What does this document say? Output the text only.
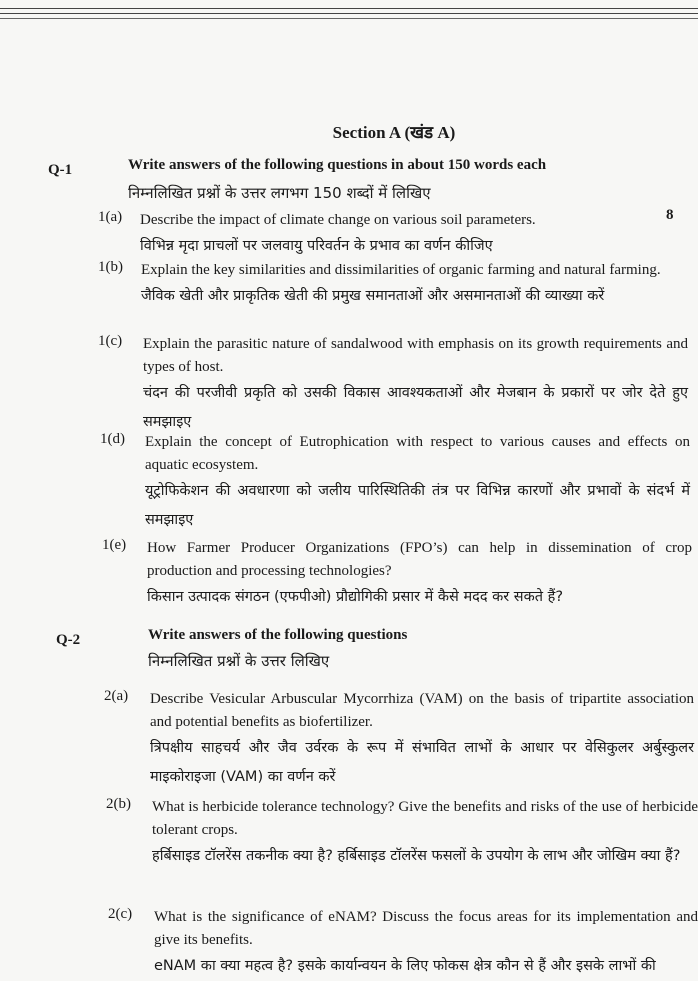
Section A (खंड A)
Q-1	Write answers of the following questions in about 150 words each
निम्नलिखित प्रश्नों के उत्तर लगभग 150 शब्दों में लिखिए
8
1(a) Describe the impact of climate change on various soil parameters.
विभिन्न मृदा प्राचलों पर जलवायु परिवर्तन के प्रभाव का वर्णन कीजिए
1(b) Explain the key similarities and dissimilarities of organic farming and natural farming.
जैविक खेती और प्राकृतिक खेती की प्रमुख समानताओं और असमानताओं की व्याख्या करें
1(c) Explain the parasitic nature of sandalwood with emphasis on its growth requirements and types of host.
चंदन की परजीवी प्रकृति को उसकी विकास आवश्यकताओं और मेजबान के प्रकारों पर जोर देते हुए समझाइए
1(d) Explain the concept of Eutrophication with respect to various causes and effects on aquatic ecosystem.
यूट्रोफिकेशन की अवधारणा को जलीय पारिस्थितिकी तंत्र पर विभिन्न कारणों और प्रभावों के संदर्भ में समझाइए
1(e) How Farmer Producer Organizations (FPO’s) can help in dissemination of crop production and processing technologies?
किसान उत्पादक संगठन (एफपीओ) प्रौद्योगिकी प्रसार में कैसे मदद कर सकते हैं?
Q-2	Write answers of the following questions
निम्नलिखित प्रश्नों के उत्तर लिखिए
2(a) Describe Vesicular Arbuscular Mycorrhiza (VAM) on the basis of tripartite association and potential benefits as biofertilizer.
त्रिपक्षीय साहचर्य और जैव उर्वरक के रूप में संभावित लाभों के आधार पर वेसिकुलर अर्बुस्कुलर माइकोराइजा (VAM) का वर्णन करें
2(b) What is herbicide tolerance technology? Give the benefits and risks of the use of herbicide tolerant crops.
हर्बिसाइड टॉलरेंस तकनीक क्या है? हर्बिसाइड टॉलरेंस फसलों के उपयोग के लाभ और जोखिम क्या हैं?
2(c) What is the significance of eNAM? Discuss the focus areas for its implementation and give its benefits.
eNAM का क्या महत्व है? इसके कार्यान्वयन के लिए फोकस क्षेत्र कौन से हैं और इसके लाभों की
